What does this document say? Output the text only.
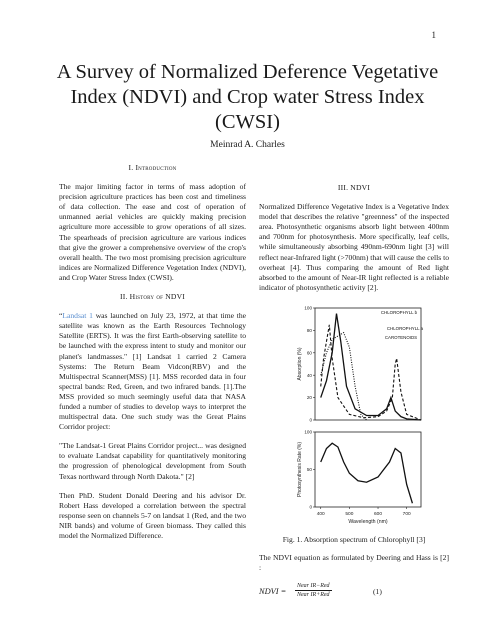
1
A Survey of Normalized Deference Vegetative Index (NDVI) and Crop water Stress Index (CWSI)
Meinrad A. Charles
I. Introduction

The major limiting factor in terms of mass adoption of precision agriculture practices has been cost and timeliness of data collection. The ease and cost of operation of unmanned aerial vehicles are quickly making precision agriculture more accessible to grow operations of all sizes. The spearheads of precision agriculture are various indices that give the grower a comprehensive overview of the crop's overall health. The two most promising precision agriculture indices are Normalized Difference Vegetation Index (NDVI), and Crop Water Stress Index (CWSI).

II. History of NDVI

“Landsat 1 was launched on July 23, 1972, at that time the satellite was known as the Earth Resources Technology Satellite (ERTS). It was the first Earth-observing satellite to be launched with the express intent to study and monitor our planet's landmasses." [1] Landsat 1 carried 2 Camera Systems: The Return Beam Vidcon(RBV) and the Multispectral Scanner(MSS) [1]. MSS recorded data in four spectral bands: Red, Green, and two infrared bands. [1].The MSS provided so much seemingly useful data that NASA funded a number of studies to develop ways to interpret the multispectral data. One such study was the Great Plains Corridor project:

"The Landsat-1 Great Plains Corridor project... was designed to evaluate Landsat capability for quantitatively monitoring the progression of phenological development from South Texas northward through North Dakota." [2]

Then PhD. Student Donald Deering and his advisor Dr. Robert Hass developed a correlation between the spectral response seen on channels 5-7 on landsat 1 (Red, and the two NIR bands) and volume of Green biomass. They called this model the Normalized Difference.

III. NDVI

Normalized Difference Vegetative Index is a Vegetative Index model that describes the relative "greenness" of the inspected area. Photosynthetic organisms absorb light between 400nm and 700nm for photosynthesis. More specifically, leaf cells, while simultaneously absorbing 490nm-690nm light [3] will reflect near-Infrared light (>700nm) that will cause the cells to overheat [4]. Thus comparing the amount of Red light absorbed to the amount of Near-IR light reflected is a reliable indicator of photosynthetic activity [2].

0
20
40
60
80
100
Absorption (%)
CHLOROPHYLL b
CHLOROPHYLL a
CAROTENOIDS
0
50
100
Photosynthesis Rate (%)
400	500	600	700
Wavelength (nm)
Fig. 1. Absorption spectrum of Chlorophyll [3]

The NDVI equation as formulated by Deering and Hass is [2] :

NDVI =
Near IR−Red
Near IR+Red	(1)
